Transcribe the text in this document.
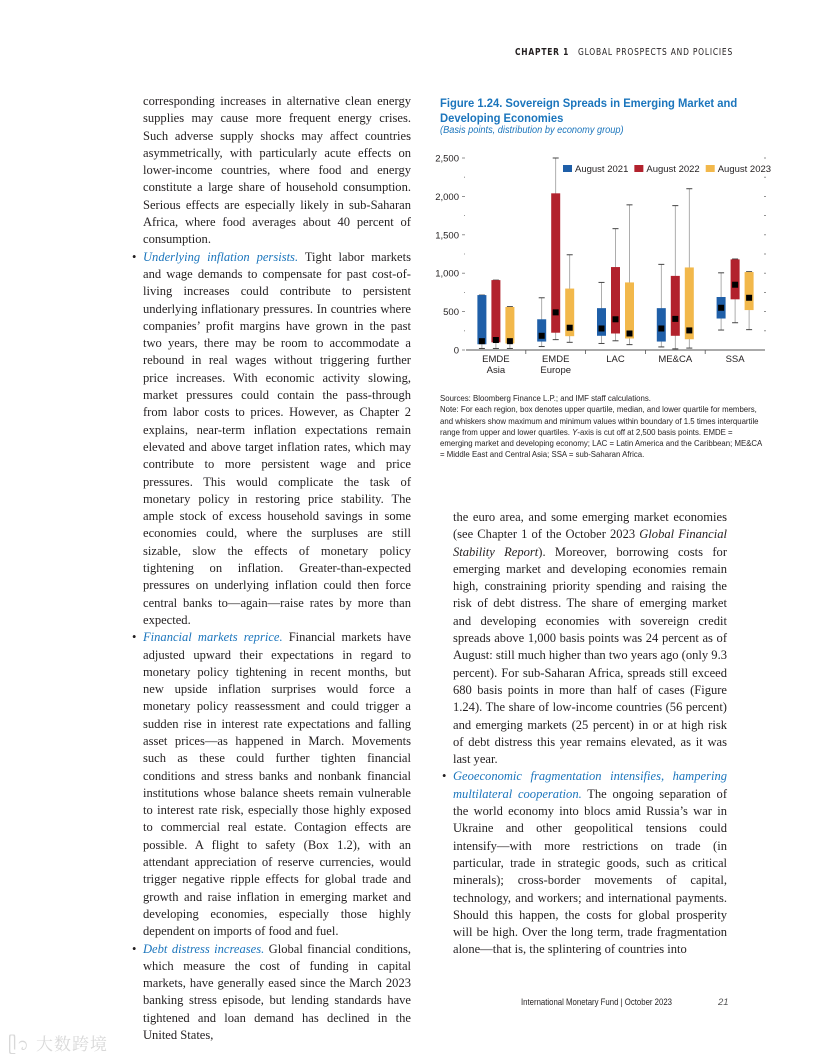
CHAPTER 1 GLOBAL PROSPECTS AND POLICIES

corresponding increases in alternative clean energy supplies may cause more frequent energy crises. Such adverse supply shocks may affect countries asymmetrically, with particularly acute effects on lower-income countries, where food and energy constitute a large share of household consumption. Serious effects are especially likely in sub-Saharan Africa, where food averages about 40 percent of consumption.

• Underlying inflation persists. Tight labor markets and wage demands to compensate for past cost-of-living increases could contribute to persistent underlying inflationary pressures. In countries where companies’ profit margins have grown in the past two years, there may be room to accommodate a rebound in real wages without triggering further price increases. With economic activity slowing, market pressures could contain the pass-through from labor costs to prices. However, as Chapter 2 explains, near-term inflation expectations remain elevated and above target inflation rates, which may contribute to more persistent wage and price pressures. This would complicate the task of monetary policy in restoring price stability. The ample stock of excess household savings in some economies could, where the surpluses are still sizable, slow the effects of monetary policy tightening on inflation. Greater-than-expected pressures on underlying inflation could then force central banks to—again—raise rates by more than expected.

• Financial markets reprice. Financial markets have adjusted upward their expectations in regard to monetary policy tightening in recent months, but new upside inflation surprises would force a monetary policy reassessment and could trigger a sudden rise in interest rate expectations and falling asset prices—as happened in March. Movements such as these could further tighten financial conditions and stress banks and nonbank financial institutions whose balance sheets remain vulnerable to interest rate risk, especially those highly exposed to commercial real estate. Contagion effects are possible. A flight to safety (Box 1.2), with an attendant appreciation of reserve currencies, would trigger negative ripple effects for global trade and growth and raise inflation in emerging market and developing economies, especially those highly dependent on imports of food and fuel.

• Debt distress increases. Global financial conditions, which measure the cost of funding in capital markets, have generally eased since the March 2023 banking stress episode, but lending standards have tightened and loan demand has declined in the United States,

Figure 1.24. Sovereign Spreads in Emerging Market and Developing Economies
(Basis points, distribution by economy group)
0
500
1,000
1,500
2,000
2,500
EMDE
Asia
EMDE
Europe
LAC	ME&CA	SSA
August 2021 August 2022 August 2023

Sources: Bloomberg Finance L.P.; and IMF staff calculations.

Note: For each region, box denotes upper quartile, median, and lower quartile for members, and whiskers show maximum and minimum values within boundary of 1.5 times interquartile range from upper and lower quartiles. Y-axis is cut off at 2,500 basis points. EMDE = emerging market and developing economy; LAC = Latin America and the Caribbean; ME&CA = Middle East and Central Asia; SSA = sub-Saharan Africa.

the euro area, and some emerging market economies (see Chapter 1 of the October 2023 Global Financial Stability Report). Moreover, borrowing costs for emerging market and developing economies remain high, constraining priority spending and raising the risk of debt distress. The share of emerging market and developing economies with sovereign credit spreads above 1,000 basis points was 24 percent as of August: still much higher than two years ago (only 9.3 percent). For sub-Saharan Africa, spreads still exceed 680 basis points in more than half of cases (Figure 1.24). The share of low-income countries (56 percent) and emerging markets (25 percent) in or at high risk of debt distress this year remains elevated, as it was last year.

• Geoeconomic fragmentation intensifies, hampering multilateral cooperation. The ongoing separation of the world economy into blocs amid Russia’s war in Ukraine and other geopolitical tensions could intensify—with more restrictions on trade (in particular, trade in strategic goods, such as critical minerals); cross-border movements of capital, technology, and workers; and international payments. Should this happen, the costs for global prosperity will be high. Over the long term, trade fragmentation alone—that is, the splintering of countries into

International Monetary Fund | October 2023	21
ᥫ᭡ 大数跨境
